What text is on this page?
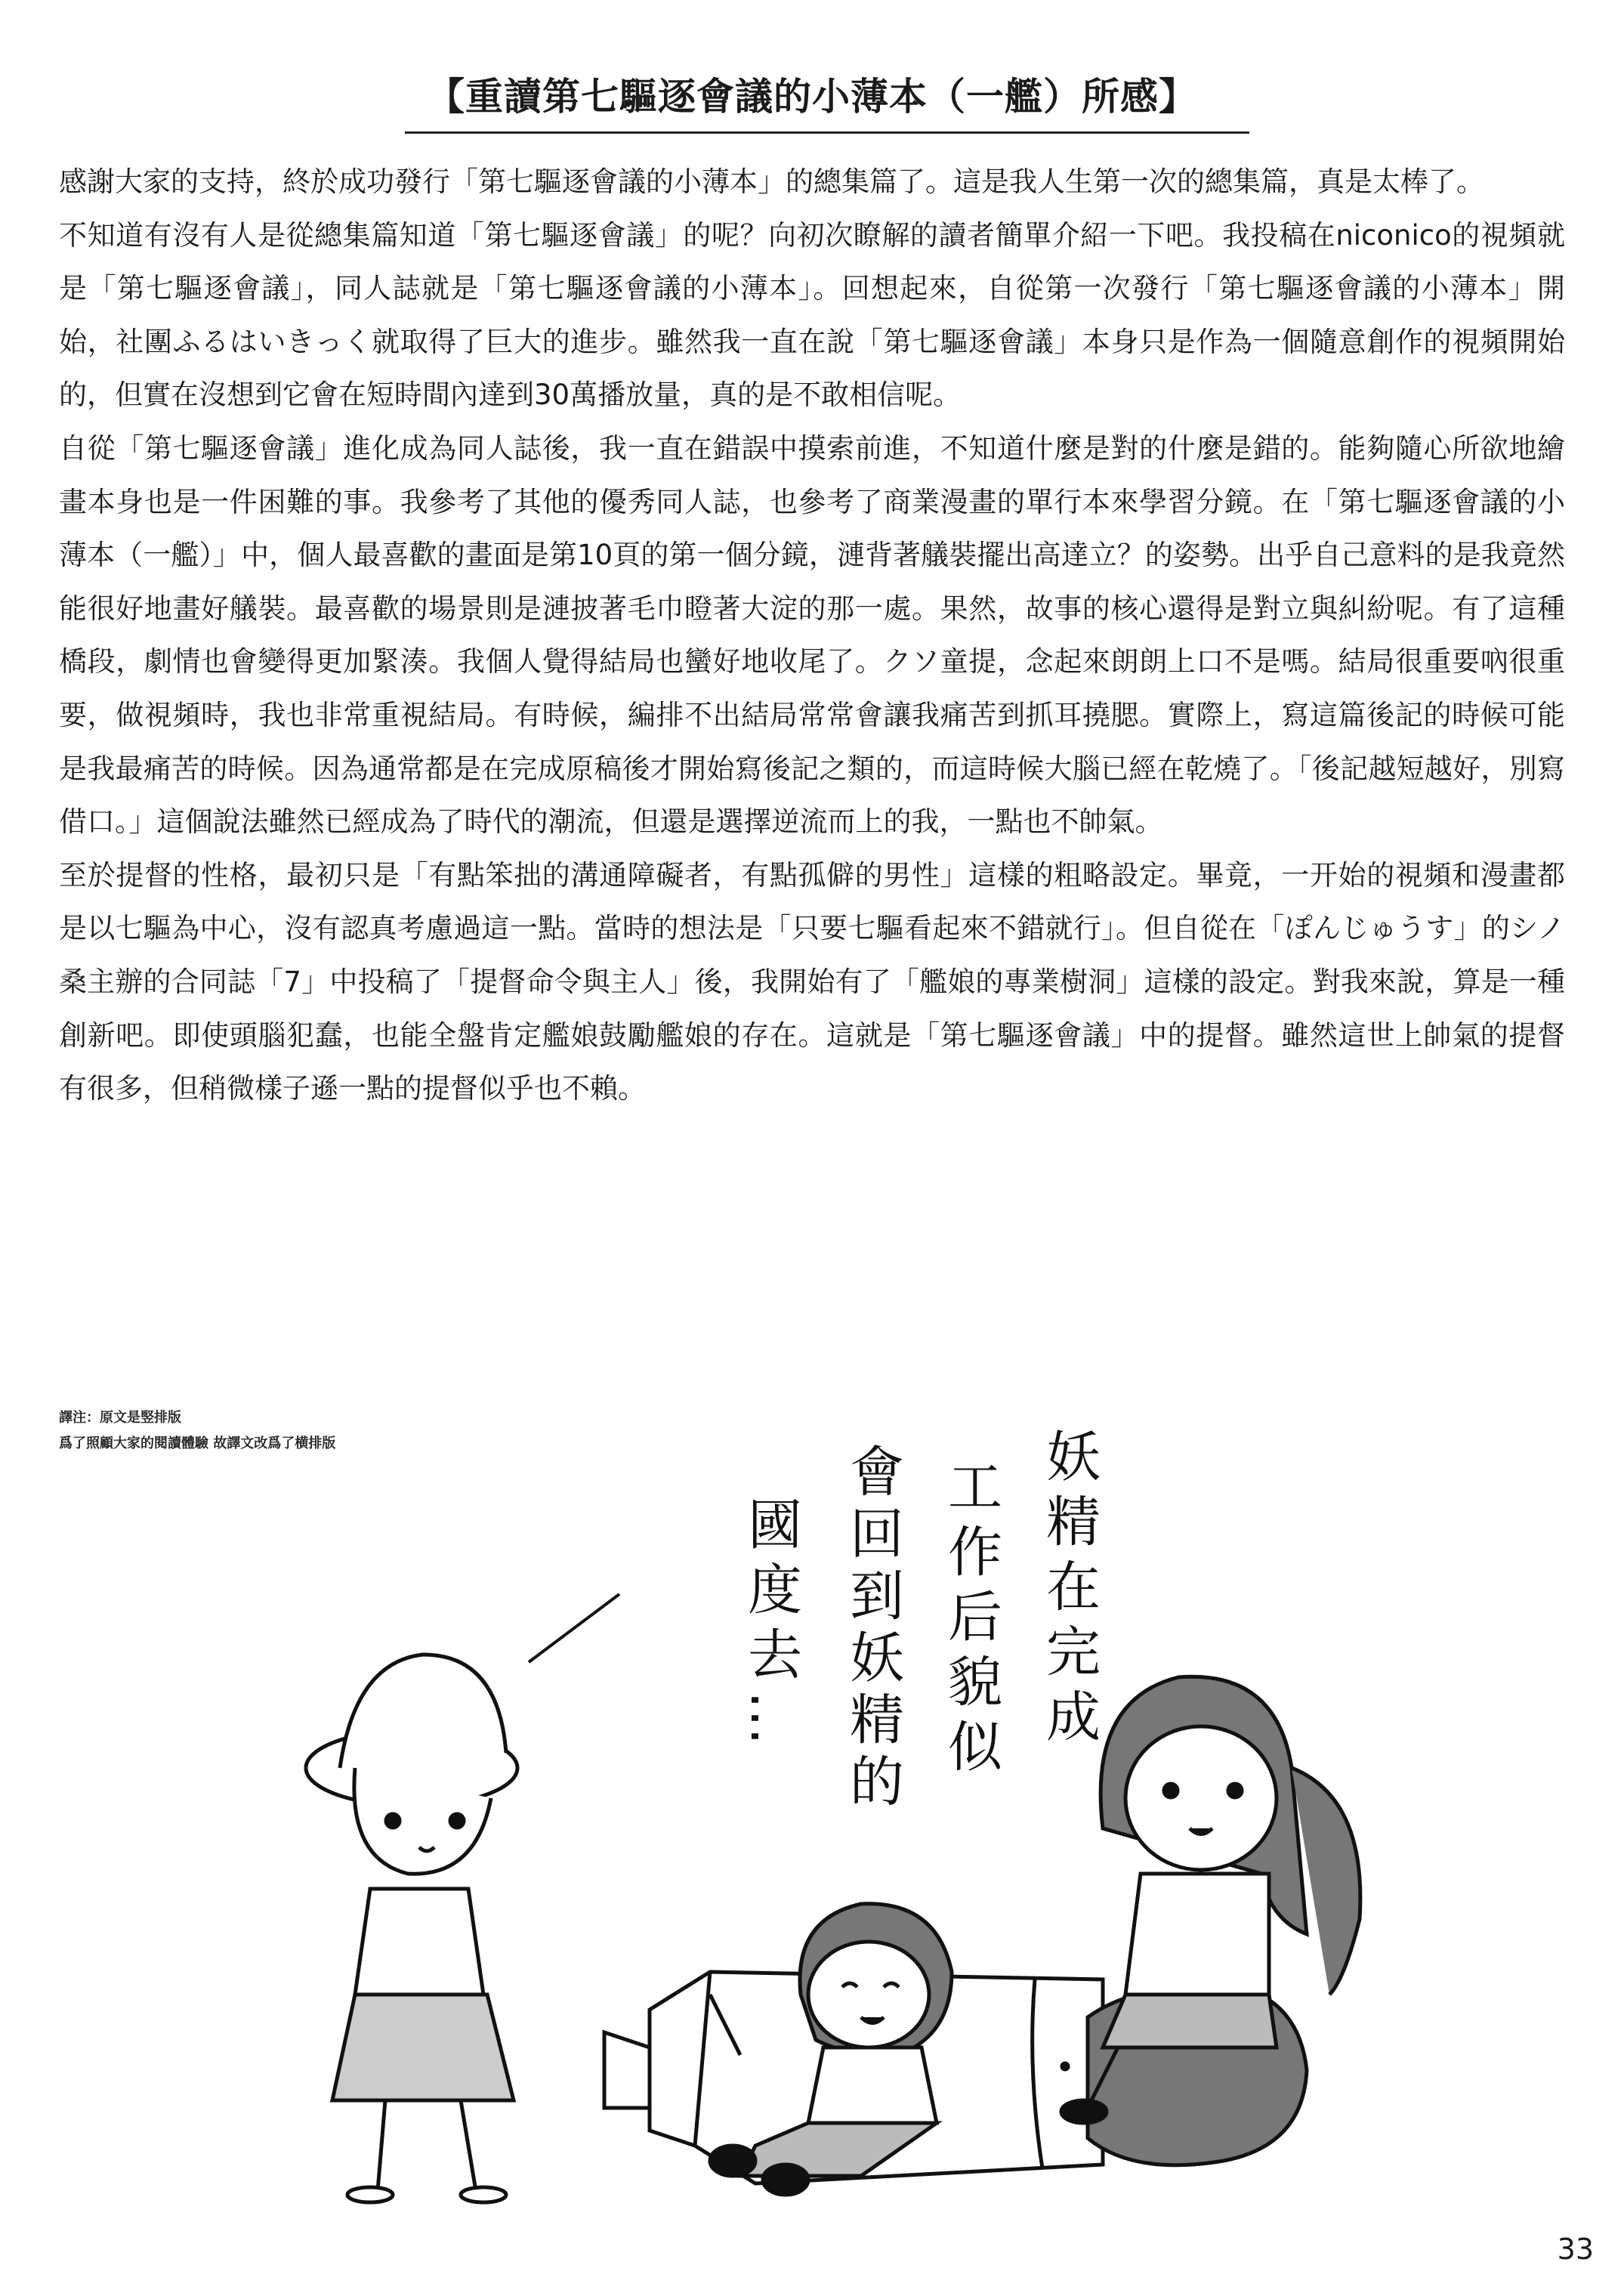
【重讀第七驅逐會議的小薄本（一艦）所感】

感謝大家的支持，終於成功發行「第七驅逐會議的小薄本」的總集篇了。這是我人生第一次的總集篇，真是太棒了。

不知道有沒有人是從總集篇知道「第七驅逐會議」的呢？向初次瞭解的讀者簡單介紹一下吧。我投稿在niconico的視頻就是「第七驅逐會議」，同人誌就是「第七驅逐會議的小薄本」。回想起來，自從第一次發行「第七驅逐會議的小薄本」開始，社團ふるはいきっく就取得了巨大的進步。雖然我一直在說「第七驅逐會議」本身只是作為一個隨意創作的視頻開始的，但實在沒想到它會在短時間內達到30萬播放量，真的是不敢相信呢。

自從「第七驅逐會議」進化成為同人誌後，我一直在錯誤中摸索前進，不知道什麼是對的什麼是錯的。能夠隨心所欲地繪畫本身也是一件困難的事。我參考了其他的優秀同人誌，也參考了商業漫畫的單行本來學習分鏡。在「第七驅逐會議的小薄本（一艦）」中，個人最喜歡的畫面是第10頁的第一個分鏡，漣背著艤裝擺出高達立？的姿勢。出乎自己意料的是我竟然能很好地畫好艤裝。最喜歡的場景則是漣披著毛巾瞪著大淀的那一處。果然，故事的核心還得是對立與糾紛呢。有了這種橋段，劇情也會變得更加緊湊。我個人覺得結局也蠻好地收尾了。クソ童提，念起來朗朗上口不是嗎。結局很重要吶很重要，做視頻時，我也非常重視結局。有時候，編排不出結局常常會讓我痛苦到抓耳撓腮。實際上，寫這篇後記的時候可能是我最痛苦的時候。因為通常都是在完成原稿後才開始寫後記之類的，而這時候大腦已經在乾燒了。「後記越短越好，別寫借口。」這個說法雖然已經成為了時代的潮流，但還是選擇逆流而上的我，一點也不帥氣。

至於提督的性格，最初只是「有點笨拙的溝通障礙者，有點孤僻的男性」這樣的粗略設定。畢竟，一开始的視頻和漫畫都是以七驅為中心，沒有認真考慮過這一點。當時的想法是「只要七驅看起來不錯就行」。但自從在「ぽんじゅうす」的シノ桑主辦的合同誌「7」中投稿了「提督命令與主人」後，我開始有了「艦娘的專業樹洞」這樣的設定。對我來說，算是一種創新吧。即使頭腦犯蠢，也能全盤肯定艦娘鼓勵艦娘的存在。這就是「第七驅逐會議」中的提督。雖然這世上帥氣的提督有很多，但稍微樣子遜一點的提督似乎也不賴。

譯注：原文是竪排版
爲了照顧大家的閱讀體驗 故譯文改爲了横排版	妖精在完成
工作后貌似
會回到妖精的
國度去…
33
